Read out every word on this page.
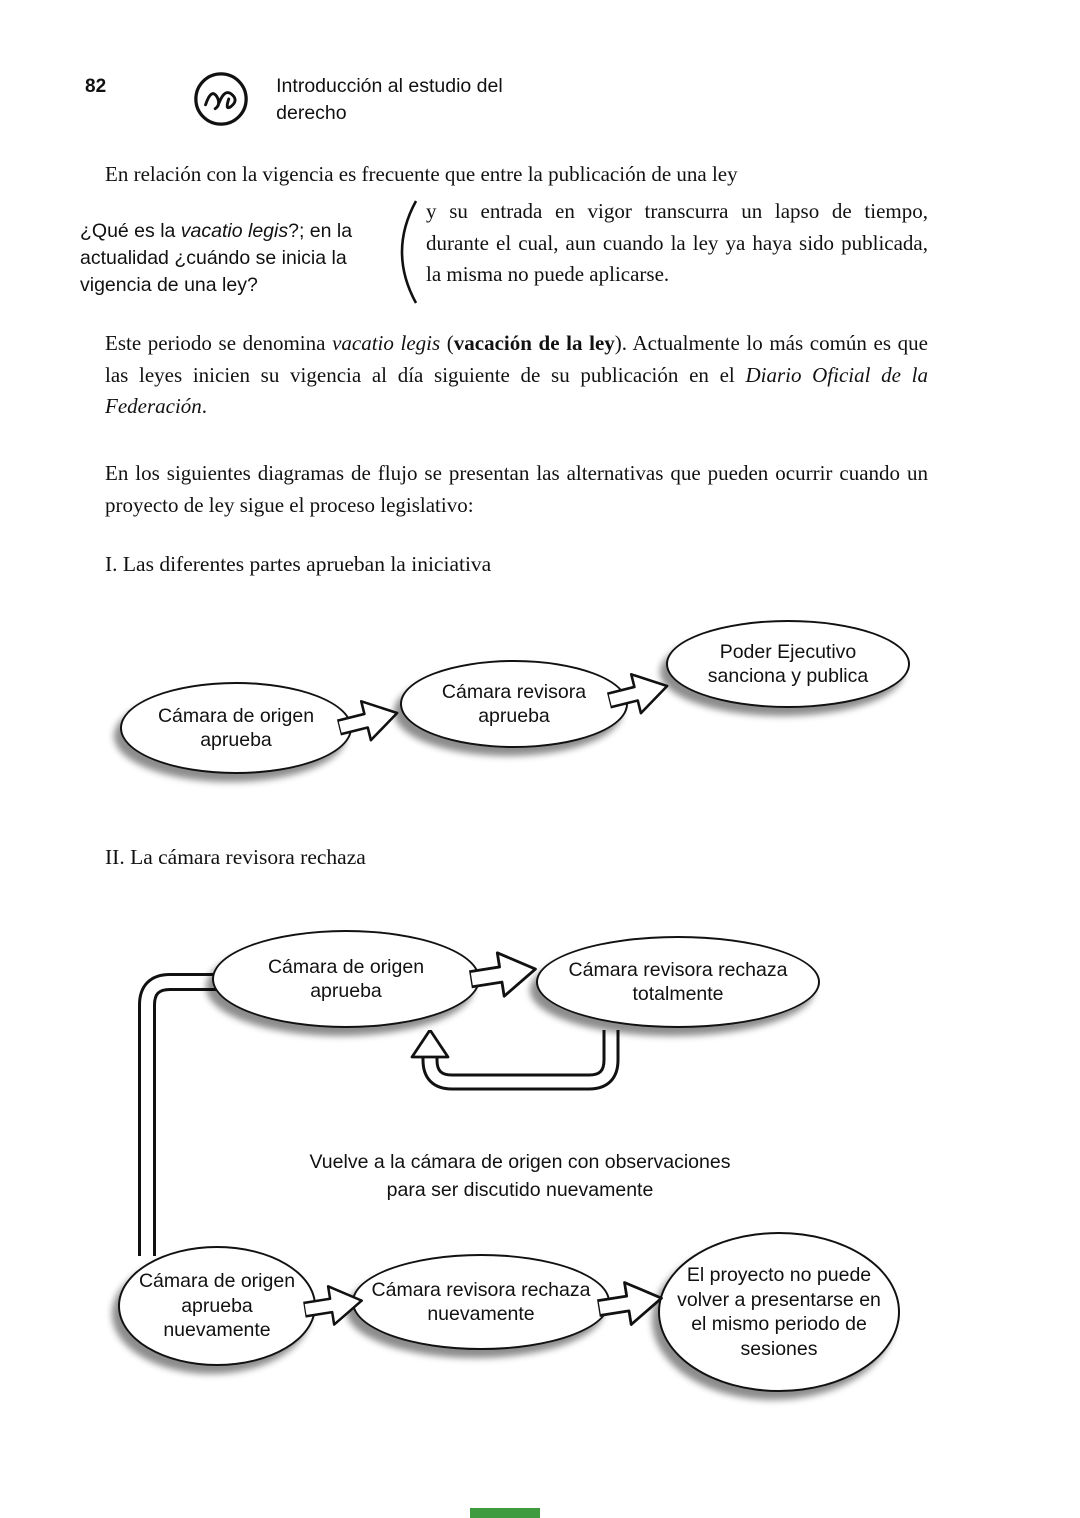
82	Introducción al estudio del derecho
En relación con la vigencia es frecuente que entre la publicación de una ley
¿Qué es la vacatio legis?; en la actualidad ¿cuándo se inicia la vigencia de una ley?
y su entrada en vigor transcurra un lapso de tiempo, durante el cual, aun cuando la ley ya haya sido publicada, la misma no puede aplicarse.
Este periodo se denomina vacatio legis (vacación de la ley). Actualmente lo más común es que las leyes inicien su vigencia al día siguiente de su publicación en el Diario Oficial de la Federación.
En los siguientes diagramas de flujo se presentan las alternativas que pueden ocurrir cuando un proyecto de ley sigue el proceso legislativo:
I. Las diferentes partes aprueban la iniciativa
Cámara de origen aprueba
Cámara revisora aprueba
Poder Ejecutivo sanciona y publica
II. La cámara revisora rechaza
Cámara de origen aprueba
Cámara revisora rechaza totalmente
Vuelve a la cámara de origen con observaciones
para ser discutido nuevamente
Cámara de origen aprueba nuevamente
Cámara revisora rechaza nuevamente
El proyecto no puede volver a presentarse en el mismo periodo de sesiones
